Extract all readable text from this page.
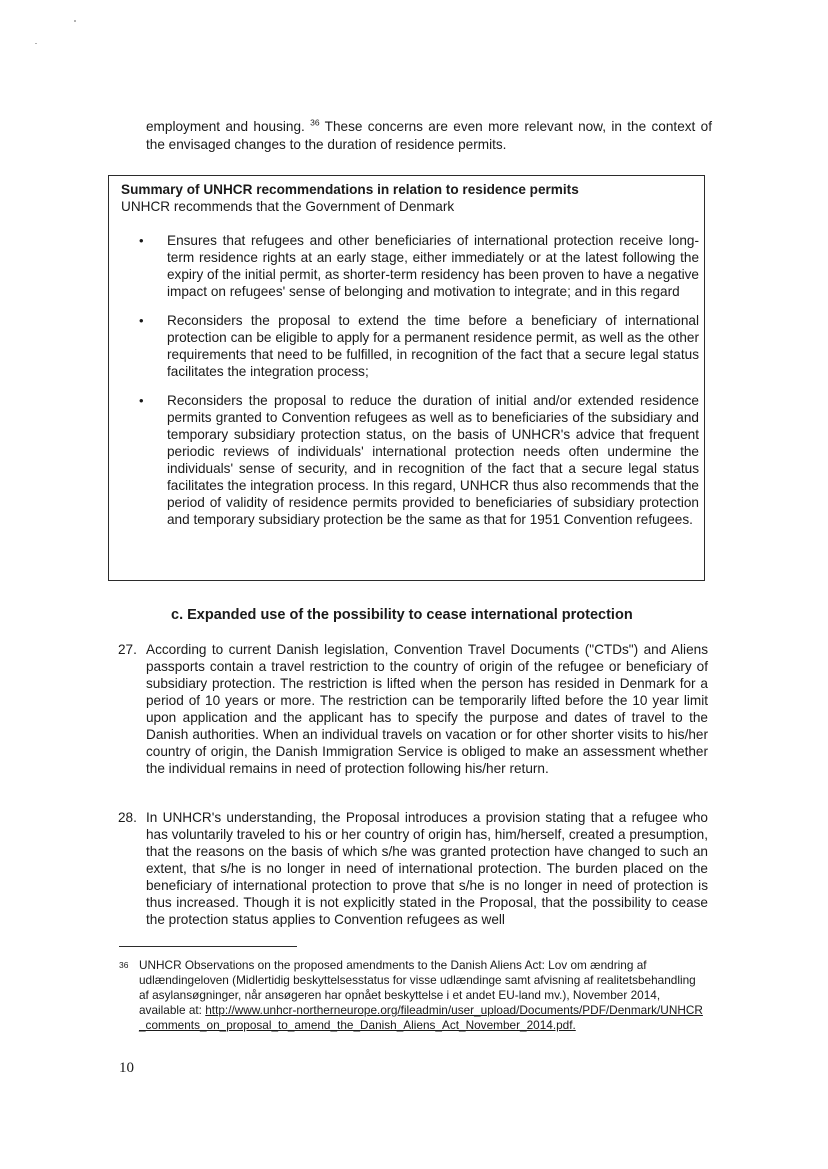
employment and housing. $^{36}$ These concerns are even more relevant now, in the context of the envisaged changes to the duration of residence permits.

Summary of UNHCR recommendations in relation to residence permits
UNHCR recommends that the Government of Denmark
•	Ensures that refugees and other beneficiaries of international protection receive long-term residence rights at an early stage, either immediately or at the latest following the expiry of the initial permit, as shorter-term residency has been proven to have a negative impact on refugees' sense of belonging and motivation to integrate; and in this regard
•	Reconsiders the proposal to extend the time before a beneficiary of international protection can be eligible to apply for a permanent residence permit, as well as the other requirements that need to be fulfilled, in recognition of the fact that a secure legal status facilitates the integration process;
•	Reconsiders the proposal to reduce the duration of initial and/or extended residence permits granted to Convention refugees as well as to beneficiaries of the subsidiary and temporary subsidiary protection status, on the basis of UNHCR's advice that frequent periodic reviews of individuals' international protection needs often undermine the individuals' sense of security, and in recognition of the fact that a secure legal status facilitates the integration process. In this regard, UNHCR thus also recommends that the period of validity of residence permits provided to beneficiaries of subsidiary protection and temporary subsidiary protection be the same as that for 1951 Convention refugees.
c. Expanded use of the possibility to cease international protection
27. According to current Danish legislation, Convention Travel Documents ("CTDs") and Aliens passports contain a travel restriction to the country of origin of the refugee or beneficiary of subsidiary protection. The restriction is lifted when the person has resided in Denmark for a period of 10 years or more. The restriction can be temporarily lifted before the 10 year limit upon application and the applicant has to specify the purpose and dates of travel to the Danish authorities. When an individual travels on vacation or for other shorter visits to his/her country of origin, the Danish Immigration Service is obliged to make an assessment whether the individual remains in need of protection following his/her return.
28. In UNHCR's understanding, the Proposal introduces a provision stating that a refugee who has voluntarily traveled to his or her country of origin has, him/herself, created a presumption, that the reasons on the basis of which s/he was granted protection have changed to such an extent, that s/he is no longer in need of international protection. The burden placed on the beneficiary of international protection to prove that s/he is no longer in need of protection is thus increased. Though it is not explicitly stated in the Proposal, that the possibility to cease the protection status applies to Convention refugees as well
36 UNHCR Observations on the proposed amendments to the Danish Aliens Act: Lov om ændring af udlændingeloven (Midlertidig beskyttelsesstatus for visse udlændinge samt afvisning af realitetsbehandling af asylansøgninger, når ansøgeren har opnået beskyttelse i et andet EU-land mv.), November 2014, available at: http://www.unhcr-northerneurope.org/fileadmin/user_upload/Documents/PDF/Denmark/UNHCR_comments_on_proposal_to_amend_the_Danish_Aliens_Act_November_2014.pdf.
10
